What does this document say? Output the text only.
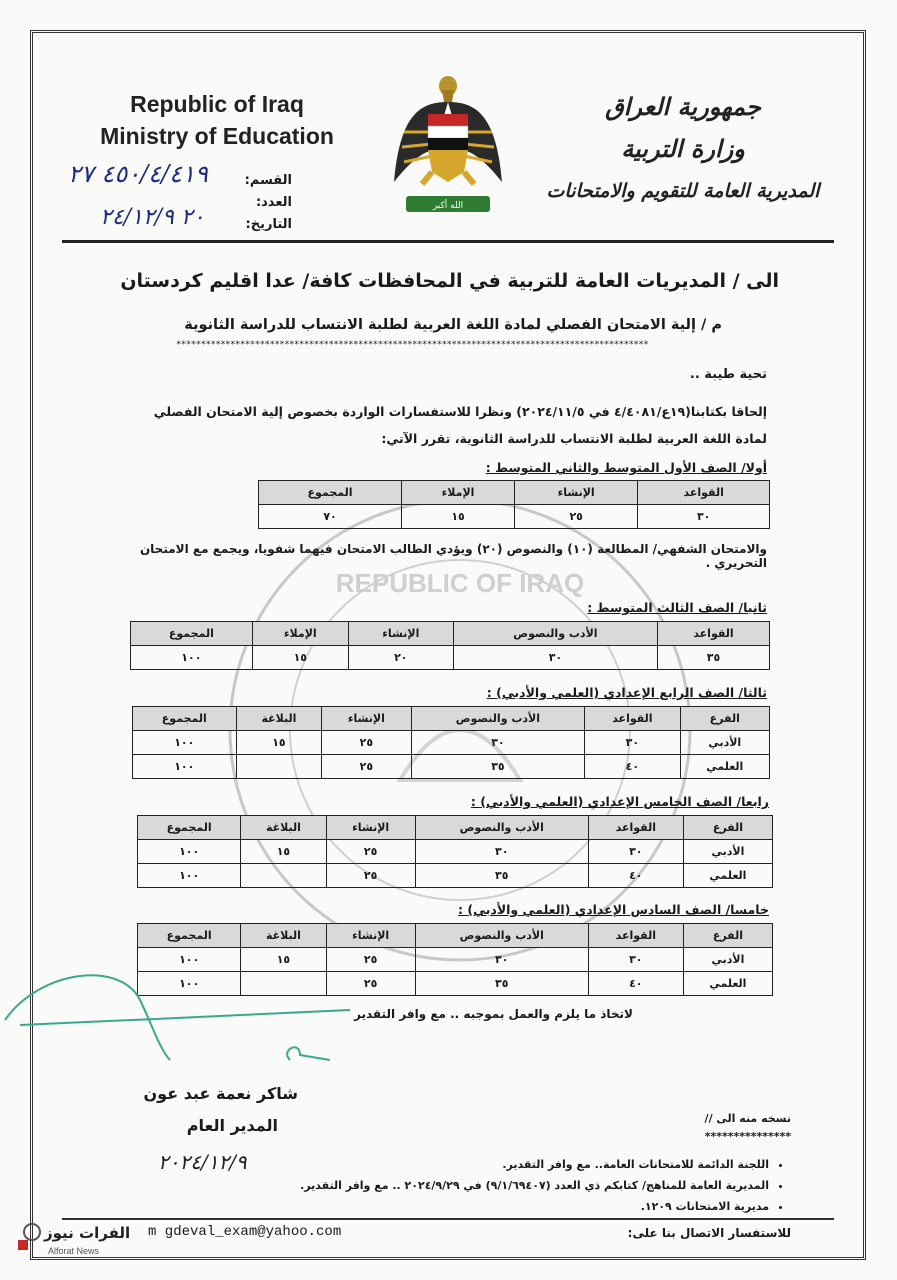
REPUBLIC OF IRAQ
Republic of Iraq
Ministry of Education
الله أكبر
جمهورية العراق
وزارة التربية
المديرية العامة للتقويم والامتحانات
القسم:
العدد:
التاريخ:
٤٥٠/٤/٤١٩ ٢٧
٢٠ ٢٤/١٢/٩
الى / المديريات العامة للتربية في المحافظات كافة/ عدا اقليم كردستان
م / إلية الامتحان الفصلي لمادة اللغة العربية لطلبة الانتساب للدراسة الثانوية
************************************************************************************************
تحية طيبة ..
إلحاقا بكتابنا(١٩ع/٤/٤٠٨١ في ٢٠٢٤/١١/٥) ونظرا للاستفسارات الواردة بخصوص إلية الامتحان الفصلي لمادة اللغة العربية لطلبة الانتساب للدراسة الثانوية، تقرر الآتي:
أولا/ الصف الأول المتوسط والثاني المتوسط :
القواعد	الإنشاء	الإملاء	المجموع
٣٠	٢٥	١٥	٧٠
والامتحان الشفهي/ المطالعة (١٠) والنصوص (٢٠) ويؤدي الطالب الامتحان فيهما شفويا، ويجمع مع الامتحان التحريري .
ثانيا/ الصف الثالث المتوسط :
القواعد	الأدب والنصوص	الإنشاء	الإملاء	المجموع
٣٥	٣٠	٢٠	١٥	١٠٠
ثالثا/ الصف الرابع الإعدادي (العلمي والأدبي) :
الفرع	القواعد	الأدب والنصوص	الإنشاء	البلاغة	المجموع
الأدبي	٣٠	٣٠	٢٥	١٥	١٠٠
العلمي	٤٠	٣٥	٢٥		١٠٠
رابعا/ الصف الخامس الإعدادي (العلمي والأدبي) :
الفرع	القواعد	الأدب والنصوص	الإنشاء	البلاغة	المجموع
الأدبي	٣٠	٣٠	٢٥	١٥	١٠٠
العلمي	٤٠	٣٥	٢٥		١٠٠
خامسا/ الصف السادس الإعدادي (العلمي والأدبي) :
الفرع	القواعد	الأدب والنصوص	الإنشاء	البلاغة	المجموع
الأدبي	٣٠	٣٠	٢٥	١٥	١٠٠
العلمي	٤٠	٣٥	٢٥		١٠٠
لاتخاذ ما يلزم والعمل بموجبه .. مع وافر التقدير
شاكر نعمة عبد عون
المدير العام
٢٠٢٤/١٢/٩
نسخه منه الى //
***************
• اللجنة الدائمة للامتحانات العامة.. مع وافر التقدير.
• المديرية العامة للمناهج/ كتابكم ذي العدد (٩/١/٦٩٤٠٧) في ٢٠٢٤/٩/٢٩ .. مع وافر التقدير.
• مديرية الامتحانات ١٢٠٩.
m gdeval_exam@yahoo.com	للاستفسار الاتصال بنا على:
الفرات نيوز
Alforat News
